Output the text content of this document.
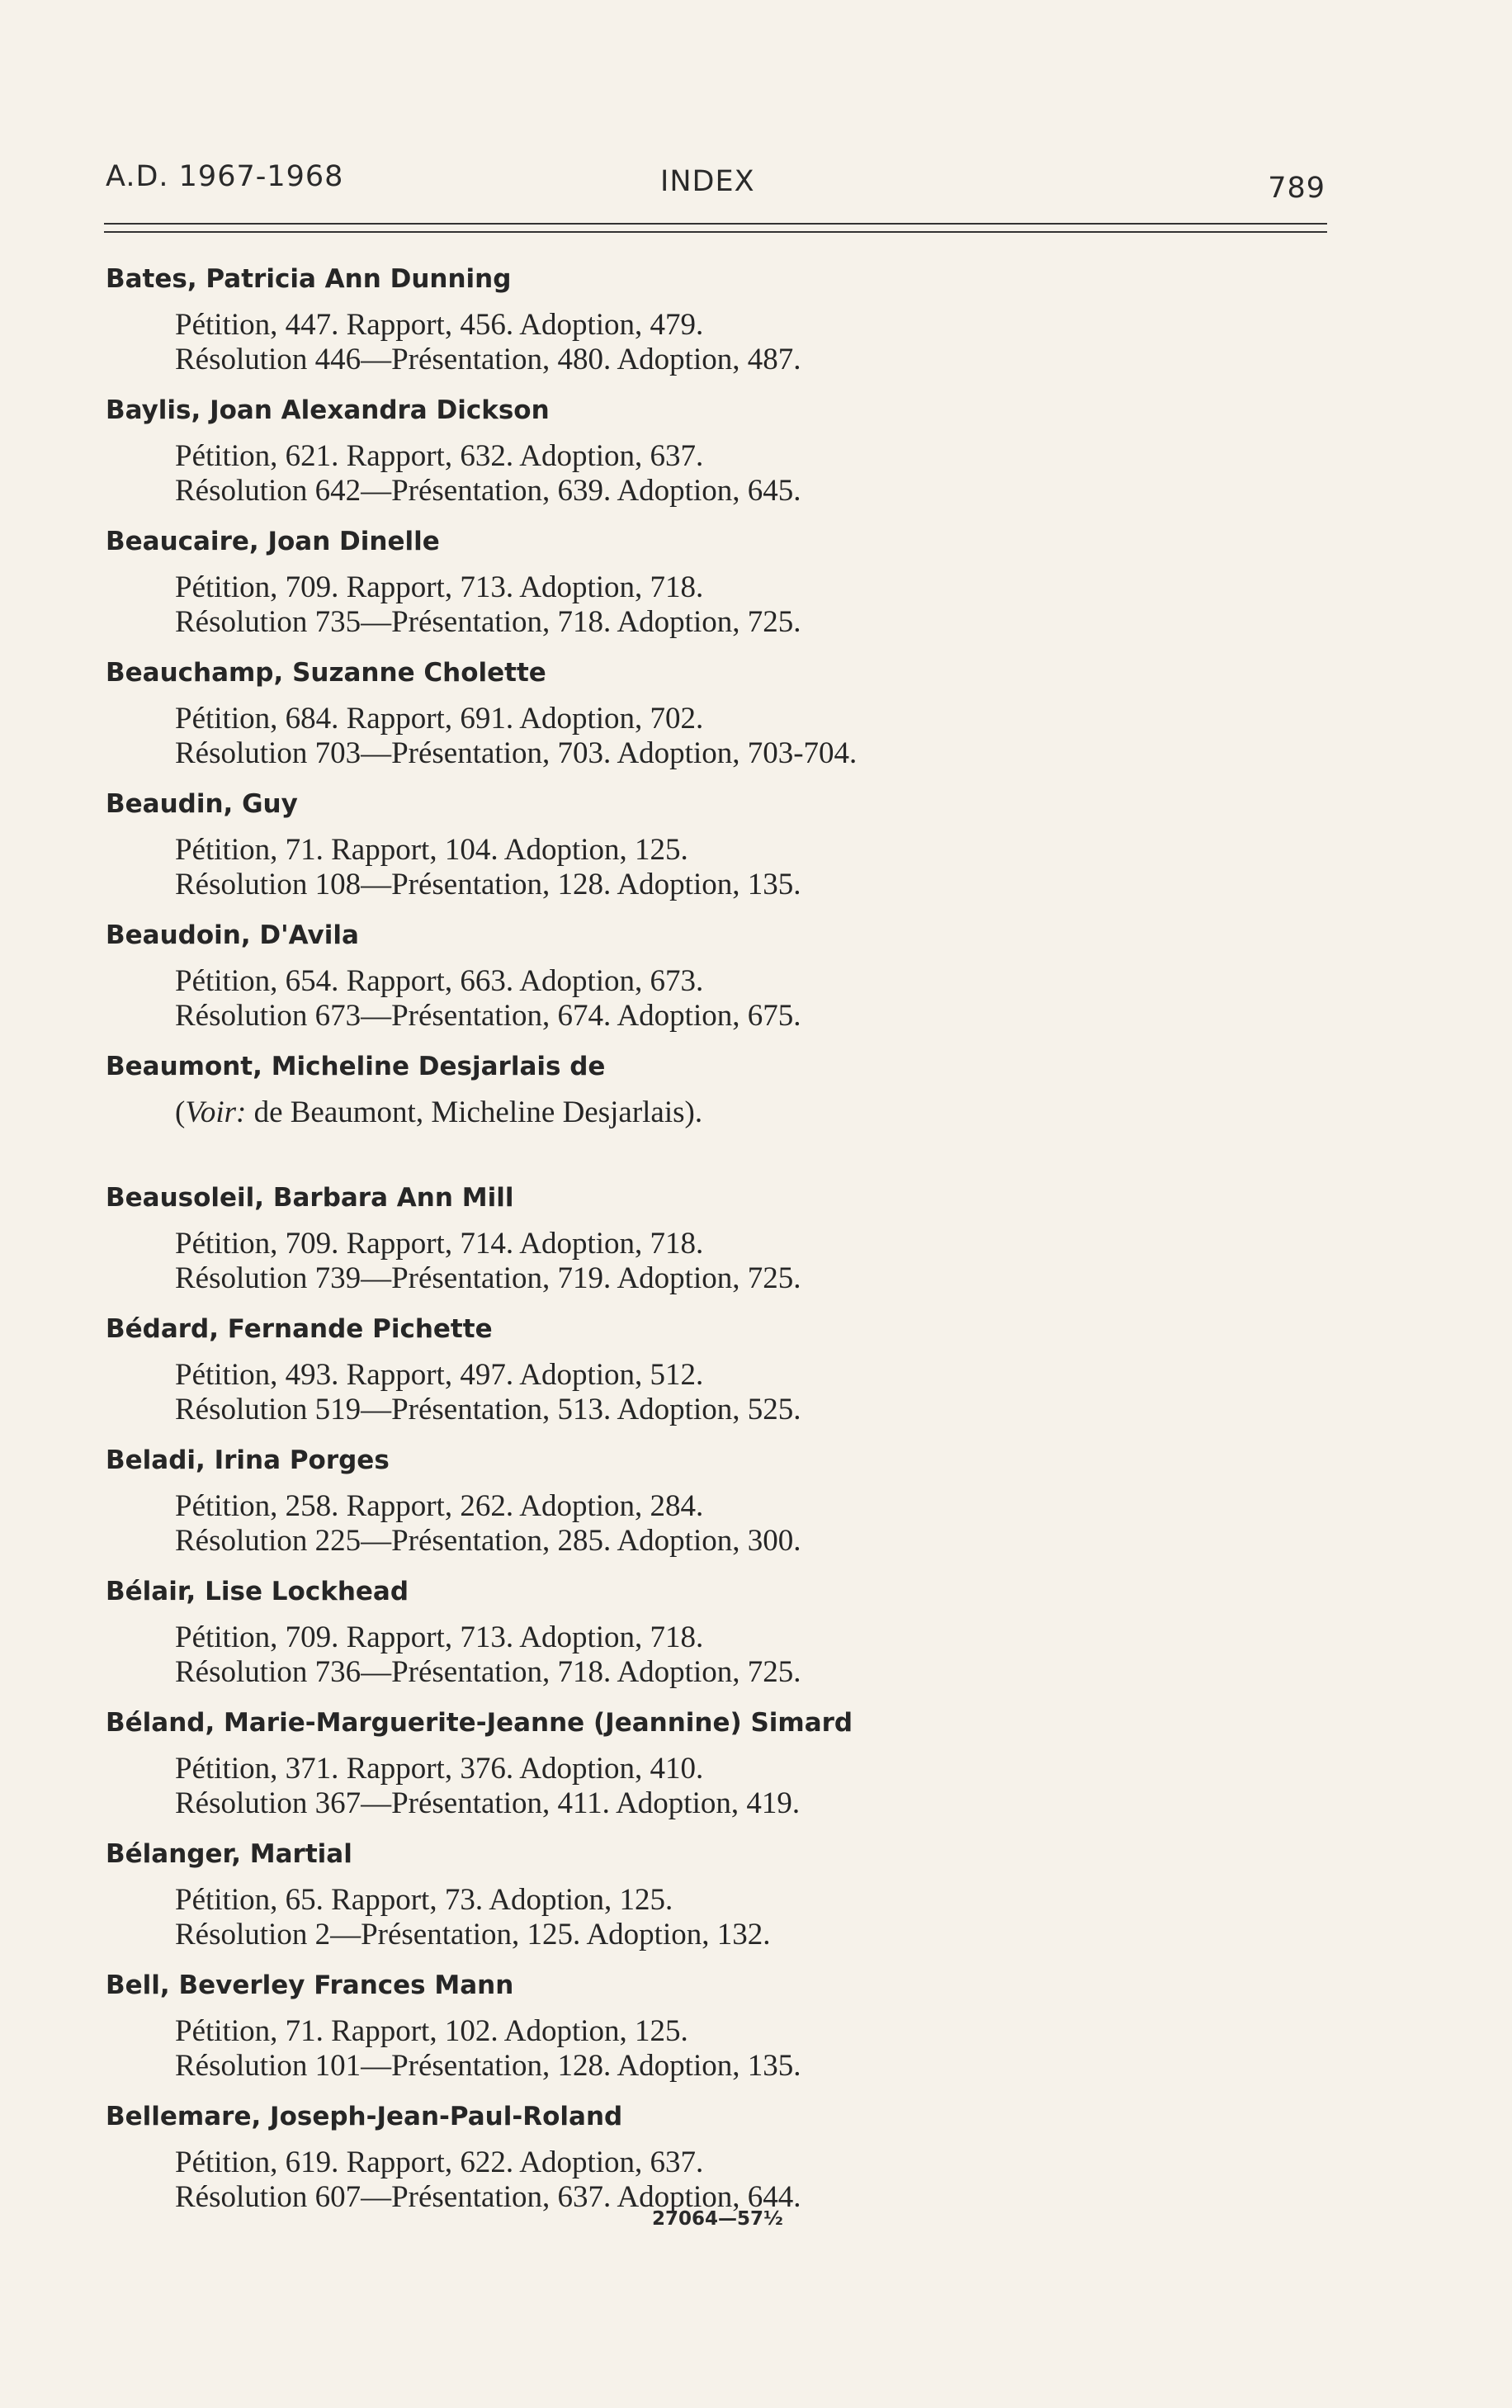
A.D. 1967-1968	INDEX	789
Bates, Patricia Ann Dunning
Pétition, 447. Rapport, 456. Adoption, 479.
Résolution 446—Présentation, 480. Adoption, 487.
Baylis, Joan Alexandra Dickson
Pétition, 621. Rapport, 632. Adoption, 637.
Résolution 642—Présentation, 639. Adoption, 645.
Beaucaire, Joan Dinelle
Pétition, 709. Rapport, 713. Adoption, 718.
Résolution 735—Présentation, 718. Adoption, 725.
Beauchamp, Suzanne Cholette
Pétition, 684. Rapport, 691. Adoption, 702.
Résolution 703—Présentation, 703. Adoption, 703-704.
Beaudin, Guy
Pétition, 71. Rapport, 104. Adoption, 125.
Résolution 108—Présentation, 128. Adoption, 135.
Beaudoin, D'Avila
Pétition, 654. Rapport, 663. Adoption, 673.
Résolution 673—Présentation, 674. Adoption, 675.
Beaumont, Micheline Desjarlais de
(Voir: de Beaumont, Micheline Desjarlais).
Beausoleil, Barbara Ann Mill
Pétition, 709. Rapport, 714. Adoption, 718.
Résolution 739—Présentation, 719. Adoption, 725.
Bédard, Fernande Pichette
Pétition, 493. Rapport, 497. Adoption, 512.
Résolution 519—Présentation, 513. Adoption, 525.
Beladi, Irina Porges
Pétition, 258. Rapport, 262. Adoption, 284.
Résolution 225—Présentation, 285. Adoption, 300.
Bélair, Lise Lockhead
Pétition, 709. Rapport, 713. Adoption, 718.
Résolution 736—Présentation, 718. Adoption, 725.
Béland, Marie-Marguerite-Jeanne (Jeannine) Simard
Pétition, 371. Rapport, 376. Adoption, 410.
Résolution 367—Présentation, 411. Adoption, 419.
Bélanger, Martial
Pétition, 65. Rapport, 73. Adoption, 125.
Résolution 2—Présentation, 125. Adoption, 132.
Bell, Beverley Frances Mann
Pétition, 71. Rapport, 102. Adoption, 125.
Résolution 101—Présentation, 128. Adoption, 135.
Bellemare, Joseph-Jean-Paul-Roland
Pétition, 619. Rapport, 622. Adoption, 637.
Résolution 607—Présentation, 637. Adoption, 644.
27064—57½
